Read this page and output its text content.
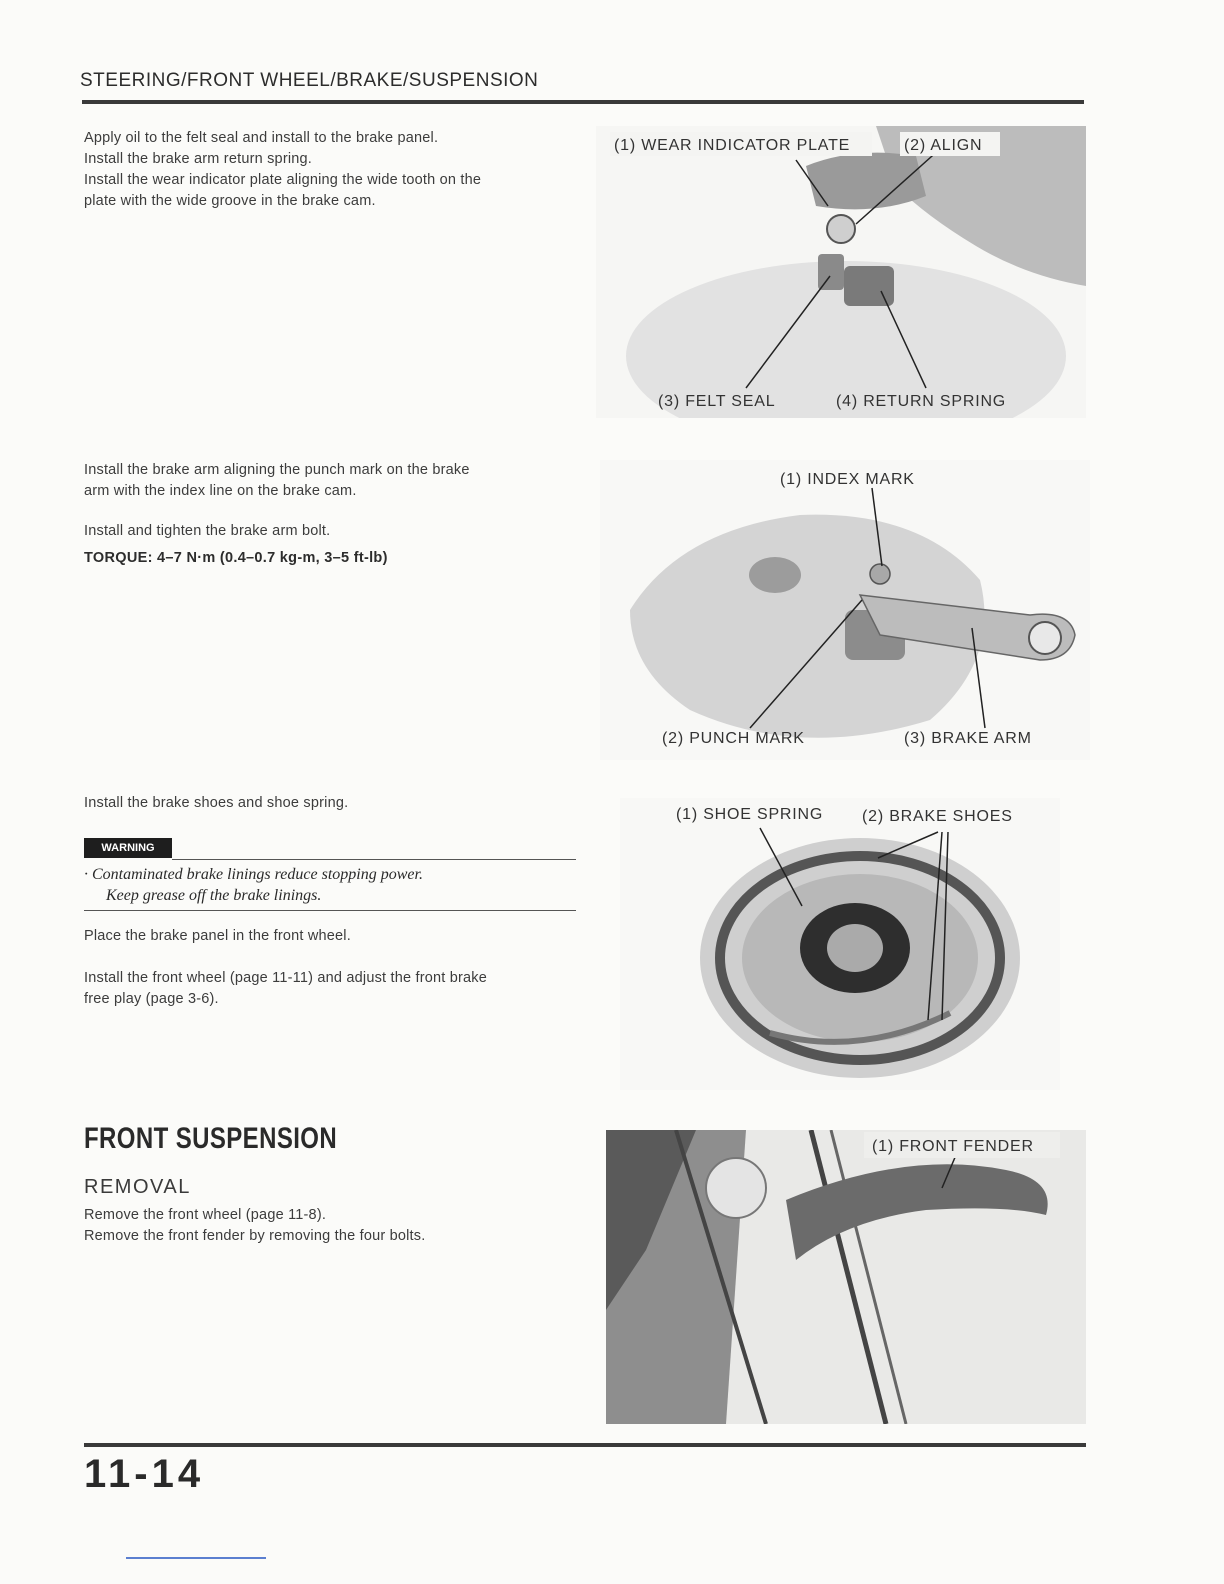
STEERING/FRONT WHEEL/BRAKE/SUSPENSION
Apply oil to the felt seal and install to the brake panel.
Install the brake arm return spring.
Install the wear indicator plate aligning the wide tooth on the
plate with the wide groove in the brake cam.
(1) WEAR INDICATOR PLATE	(2) ALIGN
(3) FELT SEAL	(4) RETURN SPRING
Install the brake arm aligning the punch mark on the brake
arm with the index line on the brake cam.
Install and tighten the brake arm bolt.
TORQUE: 4–7 N·m (0.4–0.7 kg-m, 3–5 ft-lb)
(1) INDEX MARK
(2) PUNCH MARK	(3) BRAKE ARM
Install the brake shoes and shoe spring.
WARNING
· Contaminated brake linings reduce stopping power.
Keep grease off the brake linings.
Place the brake panel in the front wheel.
Install the front wheel (page 11-11) and adjust the front brake
free play (page 3-6).
(1) SHOE SPRING (2) BRAKE SHOES
FRONT SUSPENSION
REMOVAL
Remove the front wheel (page 11-8).
Remove the front fender by removing the four bolts.
(1) FRONT FENDER
11-14
